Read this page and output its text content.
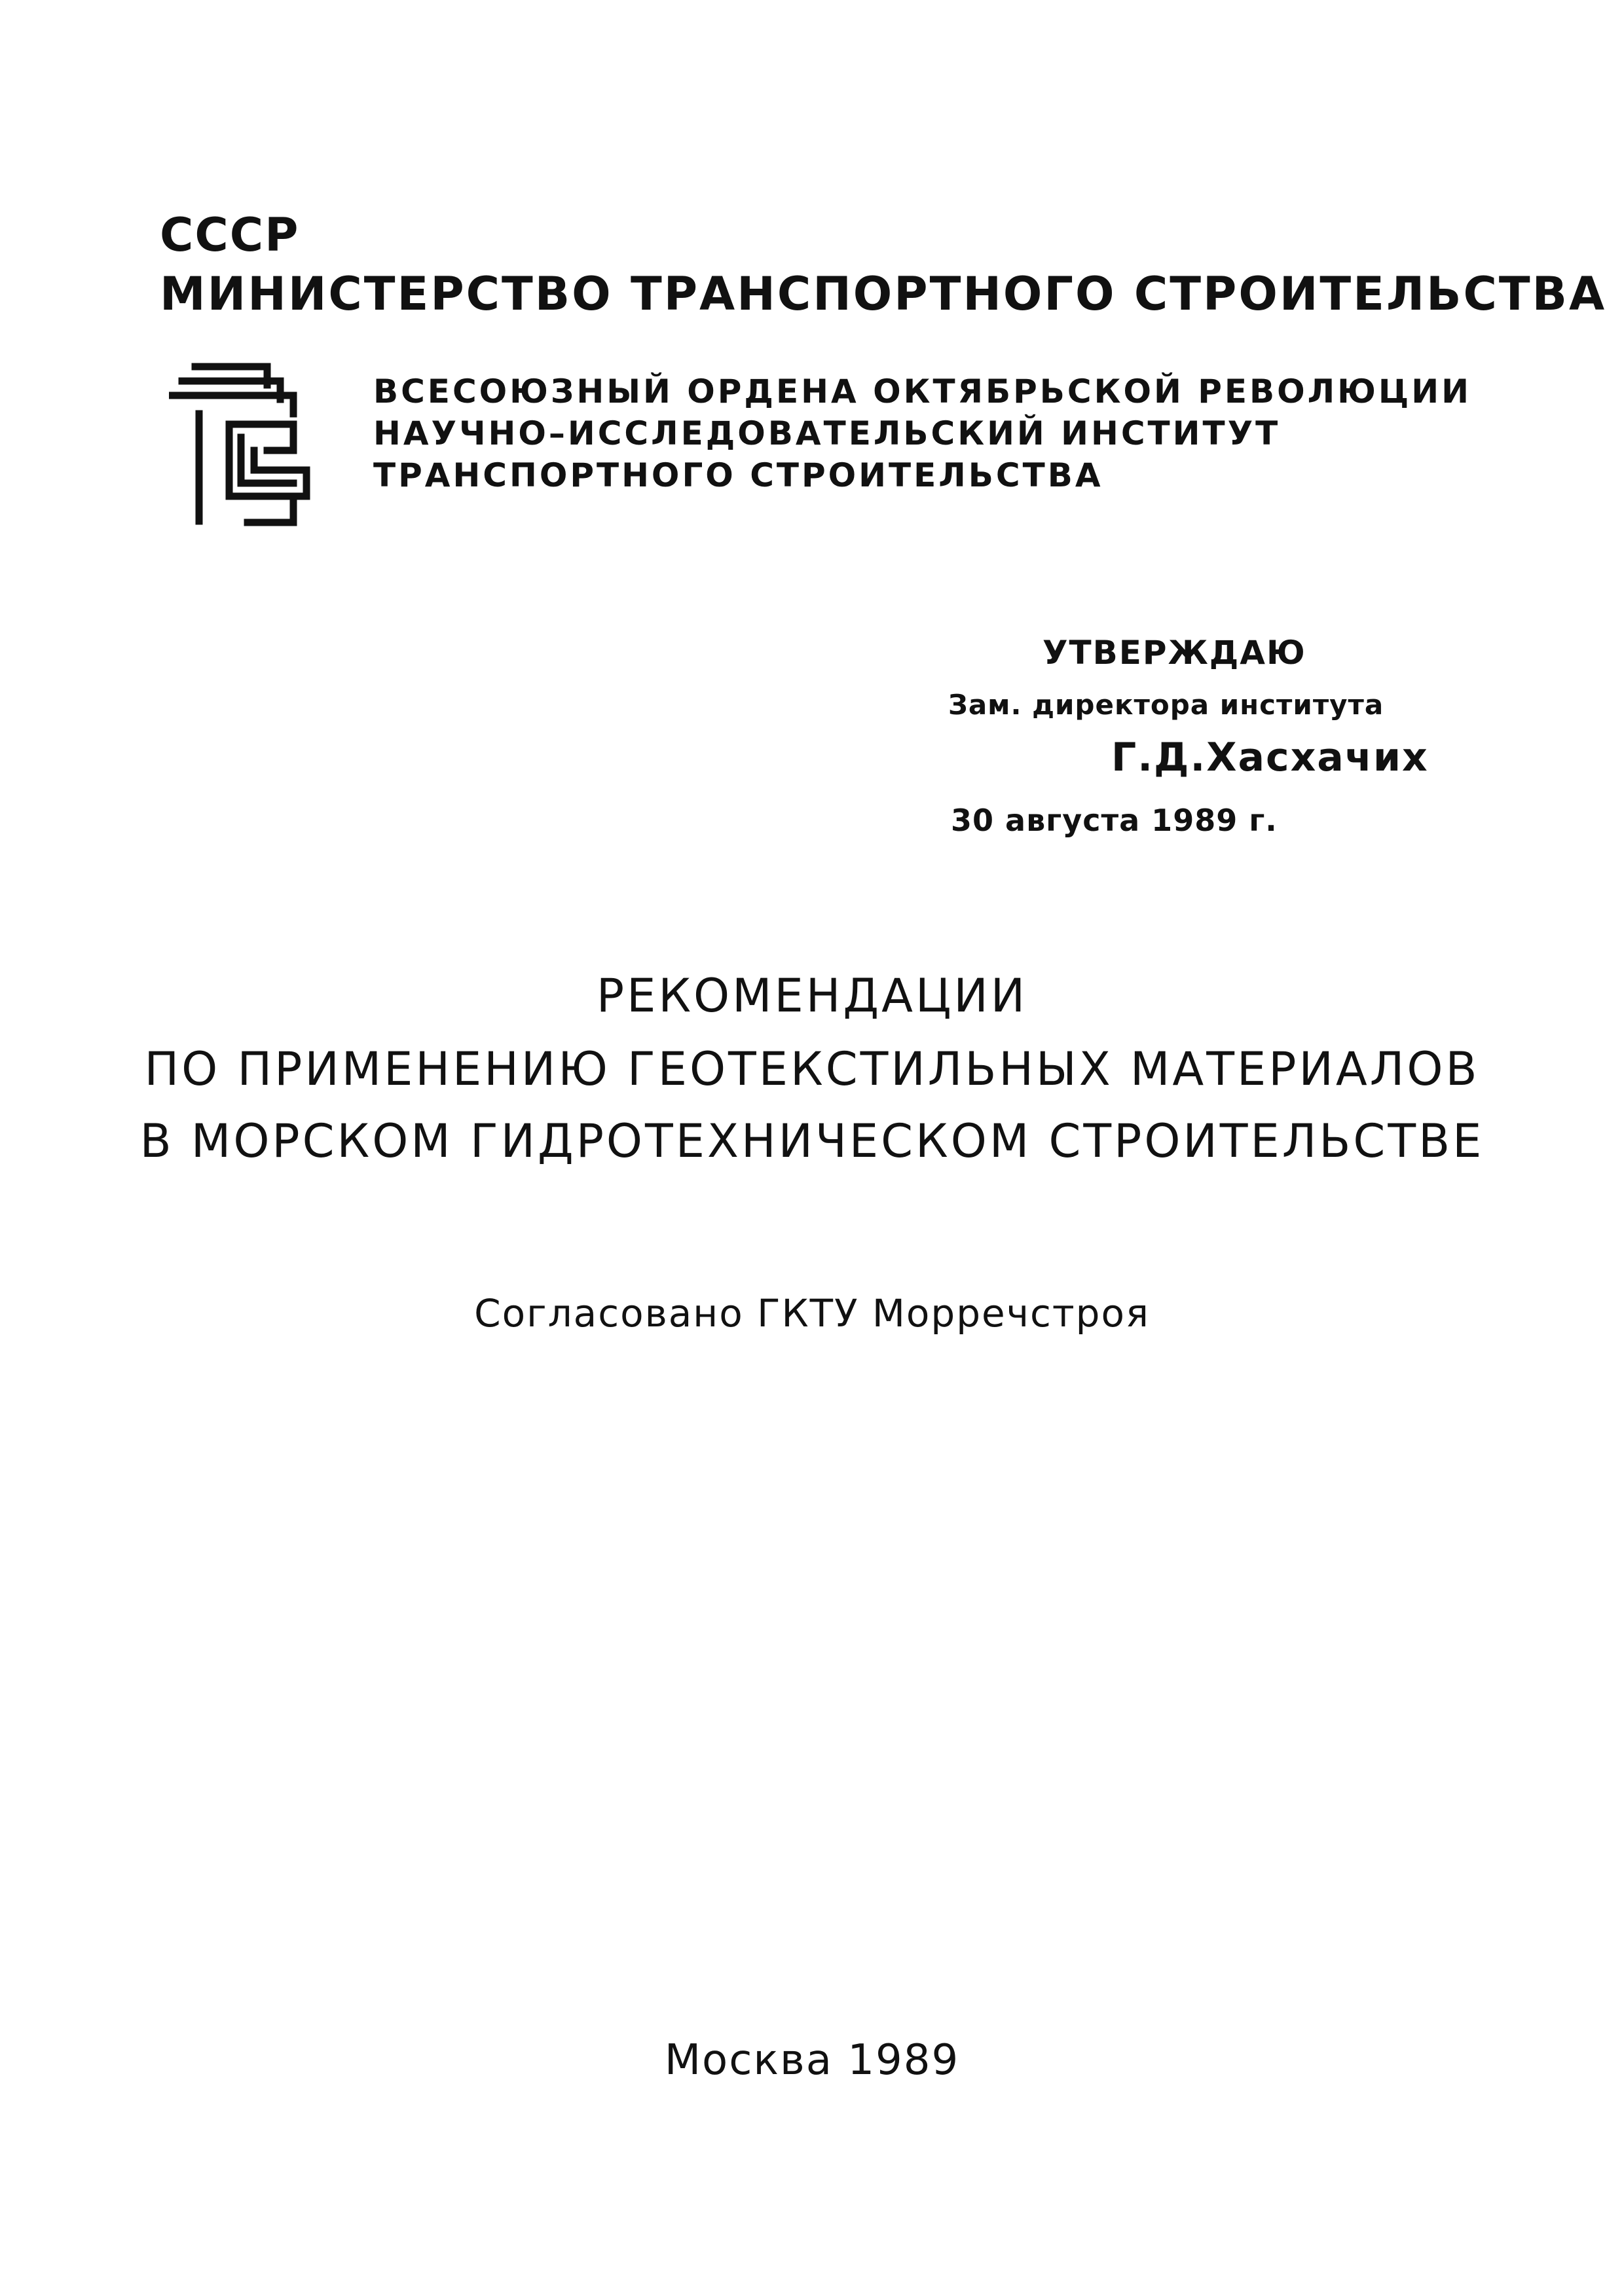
СССР
МИНИСТЕРСТВО ТРАНСПОРТНОГО СТРОИТЕЛЬСТВА
ВСЕСОЮЗНЫЙ ОРДЕНА ОКТЯБРЬСКОЙ РЕВОЛЮЦИИ
НАУЧНО–ИССЛЕДОВАТЕЛЬСКИЙ ИНСТИТУТ
ТРАНСПОРТНОГО СТРОИТЕЛЬСТВА
УТВЕРЖДАЮ
Зам. директора института
Г.Д.Хасхачих
30 августа 1989 г.
РЕКОМЕНДАЦИИ
ПО ПРИМЕНЕНИЮ ГЕОТЕКСТИЛЬНЫХ МАТЕРИАЛОВ
В МОРСКОМ ГИДРОТЕХНИЧЕСКОМ СТРОИТЕЛЬСТВЕ
Согласовано ГКТУ Морречстроя
Москва 1989
